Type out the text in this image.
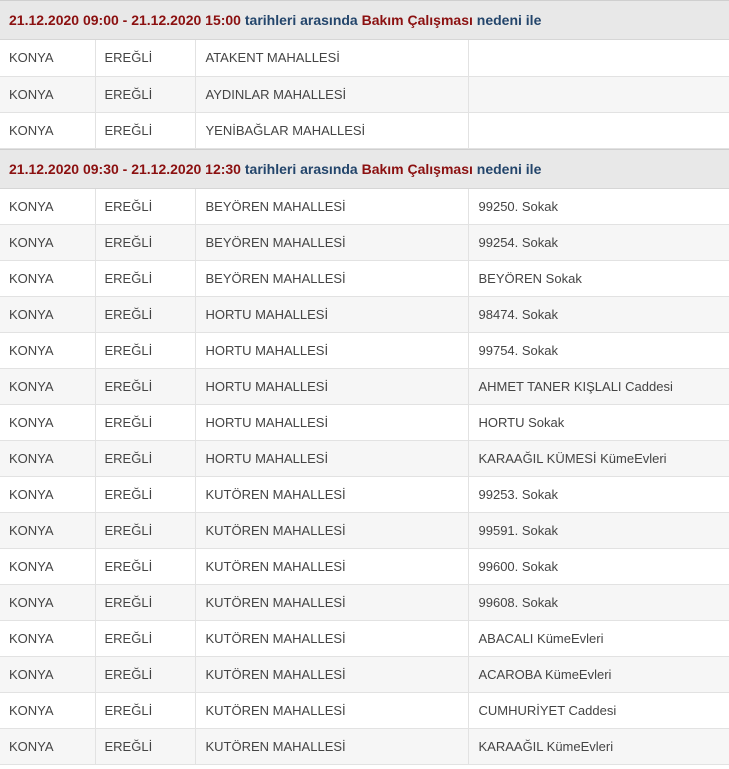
21.12.2020 09:00 - 21.12.2020 15:00
tarihleri arasında
Bakım Çalışması
nedeni ile
KONYA	EREĞLİ	ATAKENT MAHALLESİ	
KONYA	EREĞLİ	AYDINLAR MAHALLESİ	
KONYA	EREĞLİ	YENİBAĞLAR MAHALLESİ	
21.12.2020 09:30 - 21.12.2020 12:30
tarihleri arasında
Bakım Çalışması
nedeni ile
KONYA	EREĞLİ	BEYÖREN MAHALLESİ	99250. Sokak
KONYA	EREĞLİ	BEYÖREN MAHALLESİ	99254. Sokak
KONYA	EREĞLİ	BEYÖREN MAHALLESİ	BEYÖREN Sokak
KONYA	EREĞLİ	HORTU MAHALLESİ	98474. Sokak
KONYA	EREĞLİ	HORTU MAHALLESİ	99754. Sokak
KONYA	EREĞLİ	HORTU MAHALLESİ	AHMET TANER KIŞLALI Caddesi
KONYA	EREĞLİ	HORTU MAHALLESİ	HORTU Sokak
KONYA	EREĞLİ	HORTU MAHALLESİ	KARAAĞIL KÜMESİ KümeEvleri
KONYA	EREĞLİ	KUTÖREN MAHALLESİ	99253. Sokak
KONYA	EREĞLİ	KUTÖREN MAHALLESİ	99591. Sokak
KONYA	EREĞLİ	KUTÖREN MAHALLESİ	99600. Sokak
KONYA	EREĞLİ	KUTÖREN MAHALLESİ	99608. Sokak
KONYA	EREĞLİ	KUTÖREN MAHALLESİ	ABACALI KümeEvleri
KONYA	EREĞLİ	KUTÖREN MAHALLESİ	ACAROBA KümeEvleri
KONYA	EREĞLİ	KUTÖREN MAHALLESİ	CUMHURİYET Caddesi
KONYA	EREĞLİ	KUTÖREN MAHALLESİ	KARAAĞIL KümeEvleri
